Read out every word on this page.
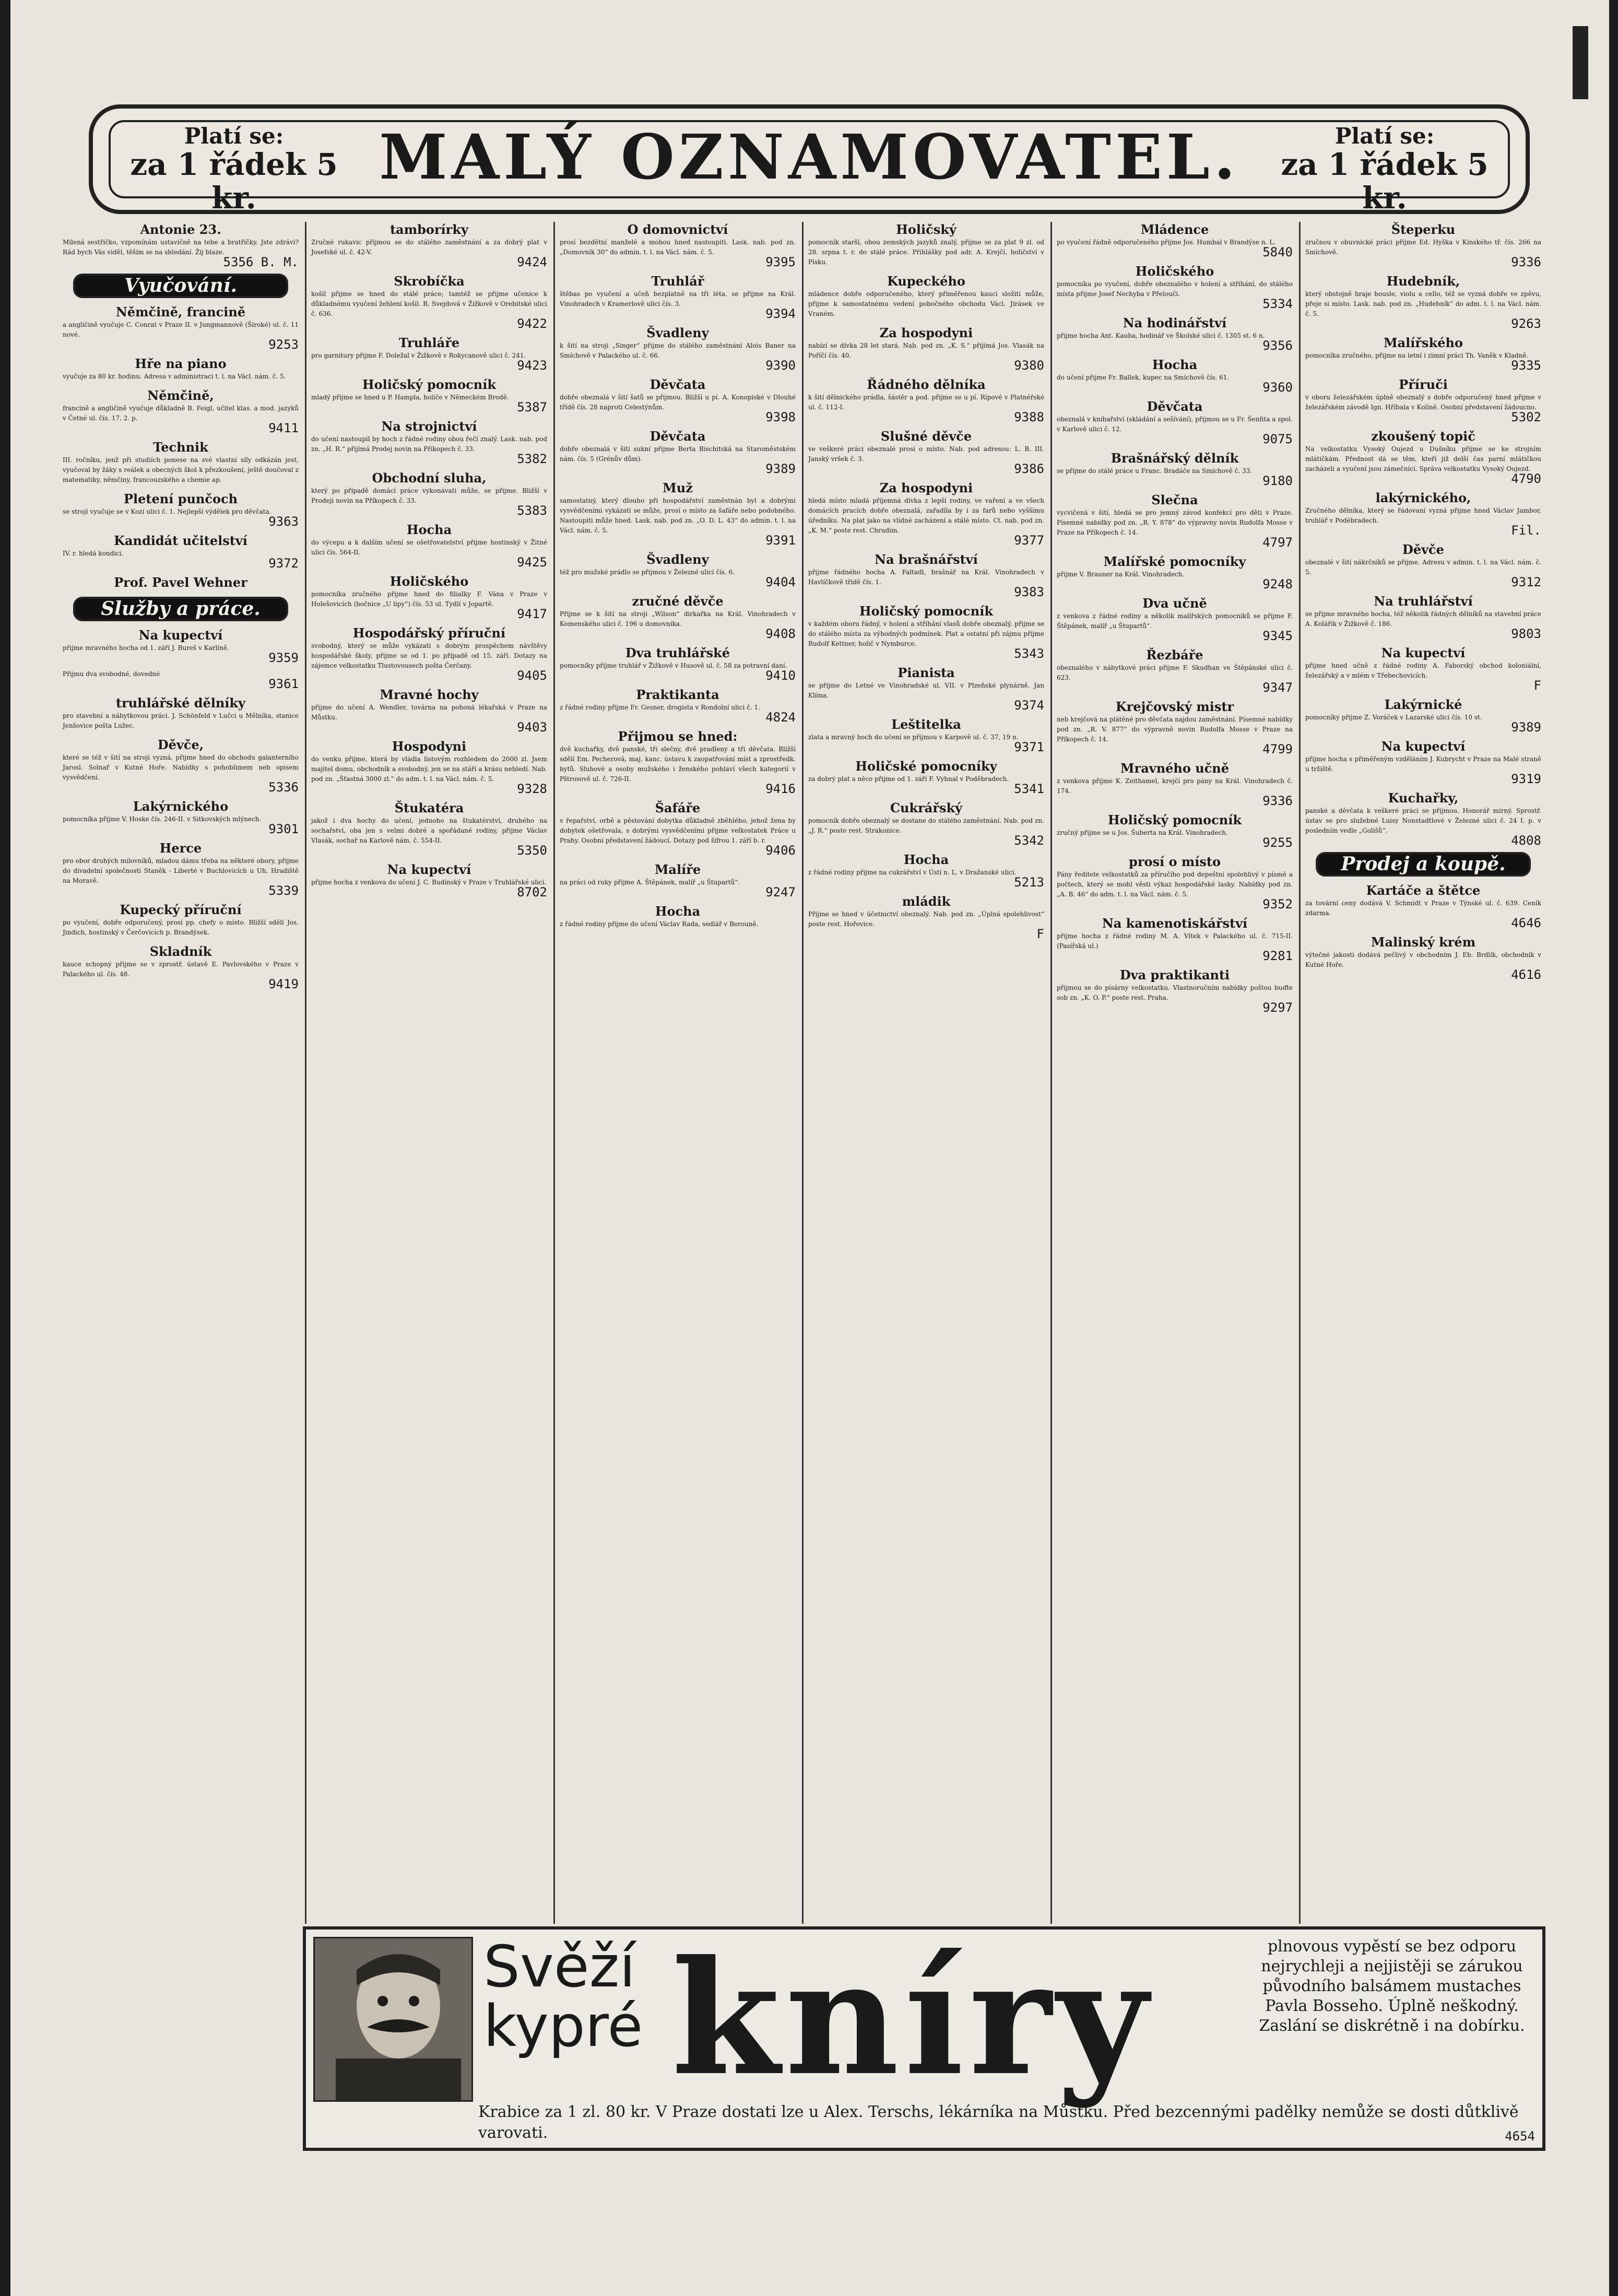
Platí se:
za 1 řádek 5 kr.
MALÝ OZNAMOVATEL.	Platí se:
za 1 řádek 5 kr.
Antonie 23.
Milená sestřičko, vzpomínám ustavičně na tebe a bratříčky. Jste zdrávi? Rád bych Vás viděl, těším se na shledání. Žij blaze.
5356 B. M.
Vyučování.
Němčině, francině
a angličině vyučuje C. Conrat v Praze II. v Jungmannově (Široké) ul. č. 11 nové.
9253
Hře na piano
vyučuje za 80 kr. hodinu. Adresa v administraci t. l. na Václ. nám. č. 5.
Němčině,
francině a angličině vyučuje důkladně B. Feigl, učitel klas. a mod. jazyků v Četné ul. čís. 17, 2. p.
9411
Technik
III. ročníku, jenž při studiích ponese na své vlastní síly odkázán jest, vyučoval by žáky s reálek a obecných škol k přezkoušení, ještě doučoval z matematiky, němčiny, francouzského a chemie ap.
Pletení punčoch
se strojí vyučuje se v Kozí ulici č. 1. Nejlepší výdělek pro děvčata.
9363
Kandidát učitelství
IV. r. hledá kondici.
9372
Prof. Pavel Wehner
Služby a práce.
Na kupectví
přijme mravného hocha od 1. září J. Bureš v Karlíně.
9359
Přijmu dva svobodné, dovedné
9361
truhlářské dělníky
pro stavební a nábytkovou práci. J. Schönfeld v Lučci u Mělníka, stanice Jenšovice pošta Lužec.
Děvče,
které se též v šití na stroji vyzná, přijme hned do obchodu galanterního Jarosl. Solnař v Kutné Hoře. Nabídky s pohoblimem neb opisem vysvědčení.
5336
Lakýrnického
pomocníka přijme V. Hoske čís. 246-II. v Sitkovských mlýnech.
9301
Herce
pro obor druhých milovníků, mladou dámu třeba na některé obory, přijme do divadelní společnosti Staněk - Liberté v Buchlovicích u Uh. Hradiště na Moravě.
5339
Kupecký příruční
po vyučení, dobře odporučený, prosí pp. chefy o místo. Bližší sdělí Jos. Jindich, hostinský v Čerčovicích p. Brandýsek.
Skladník
kauce schopný přijme se v zprostř. ústavě E. Pavlovského v Praze v Palackého ul. čís. 48.
9419
tamborírky
Zručné rukavic přijmou se do stálého zaměstnání a za dobrý plat v Josefské ul. č. 42-V.
9424
Skrobíčka
košil přijme se hned do stálé práce; tamtéž se přijme učenice k důkladnému vyučení žehlení košil. R. Svejdová v Žižkově v Orebitské ulici č. 636.
9422
Truhláře
pro garnitury přijme F. Doležal v Žižkově v Rokycanově ulici č. 241.
9423
Holičský pomocník
mladý přijme se hned u P. Hampla, holiče v Německém Brodě.
5387
Na strojnictví
do učení nastoupil by hoch z řádné rodiny obou řečí znalý. Lask. nab. pod zn. „H. R.“ přijímá Prodej novin na Příkopech č. 33.
5382
Obchodní sluha,
který po případě domácí práce vykonávati může, se přijme. Bližší v Prodeji novin na Příkopech č. 33.
5383
Hocha
do výcepu a k dalším učení se ošetřovatelství přijme hostinský v Žitné ulici čís. 564-II.
9425
Holičského
pomocníka zručného přijme hned do filialky F. Vána v Praze v Holešovicích (bočnice „U lipy“) čís. 53 ul. Tydlí v Jopartě.
9417
Hospodářský příruční
svobodný, který se může vykázati s dobrým prospěchem návštěvy hospodářské školy, přijme se od 1. po případě od 15. září. Dotazy na zájemce velkostatku Tlustovousech pošta Čerčany.
9405
Mravné hochy
přijme do učení A. Wendler, továrna na pohoná lékařská v Praze na Můstku.
9403
Hospodyni
do venku přijme, která by vládla listovým rozhledem do 2000 zl. Jsem majitel domu, obchodník a svobodný, jen se na stáří a krásu nehledí. Nab. pod zn. „Šťastná 3000 zl.“ do adm. t. l. na Václ. nám. č. 5.
9328
Štukatéra
jakož i dva hochy do učení, jednoho na štukatérství, druhého na sochařství, oba jen s velmi dobré a spořádané rodiny, přijme Václav Vlasák, sochař na Karlově nám. č. 554-II.
5350
Na kupectví
přijme hocha z venkova do učení J. C. Budínský v Praze v Truhlářské ulici.
8702
O domovnictví
prosí bezdětní manželé a mohou hned nastoupiti. Lask. nab. pod zn. „Domovník 30“ do admin. t. l. na Václ. nám. č. 5.
9395
Truhlář
štěbas po vyučení a učeň bezplatně na tři léta, se přijme na Král. Vinohradech v Kramerlově ulici čís. 3.
9394
Švadleny
k šití na stroji „Singer“ přijme do stálého zaměstnání Alois Baner na Smíchově v Palackého ul. č. 66.
9390
Děvčata
dobře obeznalá v šití šatů se přijmou. Bližší u pí. A. Konopiské v Dlouhé třídě čís. 28 naproti Celestýnům.
9398
Děvčata
dobře obeznalá v šití sukní přijme Berta Bischitská na Staroměstském nám. čís. 5 (Grénův dům).
9389
Muž
samostatný, který dlouho při hospodářství zaměstnán byl a dobrými vysvědčeními vykázati se může, prosí o místo za šafáře nebo podobného. Nastoupiti může hned. Lask. nab. pod zn. „O. D. L. 43“ do admin. t. l. na Václ. nám. č. 5.
9391
Švadleny
též pro mužské prádlo se přijmou v Železné ulici čís. 6.
9404
zručné děvče
Přijme se k šití na stroji „Wilson“ dirkařka na Král. Vinohradech v Komenského ulici č. 196 u domovníka.
9408
Dva truhlářské
pomocníky přijme truhlář v Žižkově v Husově ul. č. 58 za potravní daní.
9410
Praktikanta
z řádné rodiny přijme Fr. Gesner, drogista v Rondolní ulici č. 1.
4824
Přijmou se hned:
dvě kuchařky, dvě panské, tři slečny, dvě pradleny a tři děvčata. Bližší sdělí Em. Pecherová, maj. kanc. ústavu k zaopatřování míst a zprostředk. bytů. Sluhové a osoby mužského i ženského pohlaví všech kategorií v Pštrosově ul. č. 726-II.
9416
Šafáře
v řepařství, orbě a pěstování dobytka důkladně zběhlého, jehož žena by dobytek ošetřovala, s dobrými vysvědčeními přijme velkostatek Práce u Prahy. Osobní představení žádoucí. Dotazy pod šifrou 1. září b. r.
9406
Malíře
na práci od ruky přijme A. Štěpánek, malíř „u Štupartů“.
9247
Hocha
z řádné rodiny přijme do učení Václav Rada, sedlář v Berouně.
Holičský
pomocník starší, obou zemských jazyků znalý, přijme se za plat 9 zl. od 28. srpna t. r. do stálé práce. Přihlášky pod adr. A. Krejčí, holičství v Písku.
Kupeckého
mládence dobře odporučeného, který přiměřenou kauci složiti může, přijme k samostatnému vedení pobočného obchodu Václ. Jirásek ve Vraném.
Za hospodyni
nabízí se dívka 28 let stará. Nab. pod zn. „K. S.“ přijímá Jos. Vlasák na Poříčí čís. 40.
9380
Řádného dělníka
k šití dělnického prádla, šástěr a pod. přijme se u pí. Rípové v Platnéřské ul. č. 112-I.
9388
Slušné děvče
ve veškeré práci obeznalé prosí o místo. Nab. pod adresou: L. B. III. Janský vršek č. 3.
9386
Za hospodyni
hledá místo mladá příjemná dívka z lepší rodiny, ve vaření a ve všech domácích pracích dobře obeznalá, zařadíla by i za farů nebo vyššímu úředníku. Na plat jako na vlídné zacházení a stálé místo. Ct. nab. pod zn. „K. M.“ poste rest. Chrudim.
9377
Na brašnářství
přijme řádného hocha A. Faltadl, brašnář na Král. Vinohradech v Havlíčkově třídě čís. 1.
9383
Holičský pomocník
v každém oboru řádný, v holení a stříhání vlasů dobře obeznalý, přijme se do stálého místa za výhodných podmínek. Plat a ostatní při zájmu přijme Rudolf Kettner, holič v Nymburce.
5343
Pianista
se přijme do Letné ve Vinohradské ul. VII. v Plzeňské plynárně. Jan Klíma.
9374
Leštitelka
zlata a mravný hoch do učení se přijmou v Karpově ul. č. 37, 19 n.
9371
Holičské pomocníky
za dobrý plat a něco přijme od 1. září F. Vyhnal v Poděbradech.
5341
Cukrářský
pomocník dobře obeznalý se dostane do stálého zaměstnání. Nab. pod zn. „J. R.“ poste rest. Strakonice.
5342
Hocha
z řádné rodiny přijme na cukrářství v Ústí n. L. v Dražanské ulici.
5213
mládik
Přijme se hned v účetnictví obeznalý. Nab. pod zn. „Úplná spolehlivost“ poste rest. Hořovice.
F
Mládence
po vyučení řádně odporučeného přijme Jos. Humbal v Brandýse n. L.
5840
Holičského
pomocníka po vyučení, dobře obeznalého v holení a stříhání, do stálého místa přijme Josef Nechyba v Přelouči.
5334
Na hodinářství
přijme hocha Ant. Kauba, hodinář ve Školské ulici č. 1305 st. 6 n.
9356
Hocha
do učení přijme Fr. Ballek, kupec na Smíchově čís. 61.
9360
Děvčata
obeznalá v knihařství (skládání a sešívání), přijmou se u Fr. Šenfita a spol. v Karlově ulici č. 12.
9075
Brašnářský dělník
se přijme do stálé práce u Franc. Bradáče na Smíchově č. 33.
9180
Slečna
vycvičená v šití, hledá se pro jemný závod konfekcí pro děti v Praze. Písemné nabídky pod zn. „R. Y. 878“ do výpravny novin Rudolfa Mosse v Praze na Příkopech č. 14.
4797
Malířské pomocníky
přijme V. Brauner na Král. Vinohradech.
9248
Dva učně
z venkova z řádné rodiny a několik malířských pomocníků se přijme F. Štěpánek, malíř „u Štupartů“.
9345
Řezbáře
obeznalého v nábytkové práci přijme F. Skudhan ve Štěpánské ulici č. 623.
9347
Krejčovský mistr
neb krejčová na plátěné pro děvčata najdou zaměstnání. Písemné nabídky pod zn. „R. V. 877“ do výpravně novin Rudolfa Mosse v Praze na Příkopech č. 14.
4799
Mravného učně
z venkova přijme K. Zeithamel, krejčí pro pány na Král. Vinohradech č. 174.
9336
Holičský pomocník
zručný přijme se u Jos. Šuberta na Král. Vinohradech.
9255
prosí o místo
Pány ředitele velkostatků za příručího pod depeštní spolehlivý v písmě a počtech, který se mohl věsti výkaz hospodářské lasky. Nabídky pod zn. „A. B. 46“ do adm. t. l. na Václ. nám. č. 5.
9352
Na kamenotiskářství
přijme hocha z řádné rodiny M. A. Vítek v Palackého ul. č. 715-II. (Pasířská ul.)
9281
Dva praktikanti
přijmou se do písárny velkostatku. Vlastnoručním nabídky poštou buďte sob zn. „K. O. P.“ poste rest. Praha.
9297
Šteperku
zručnou v obuvnické práci přijme Ed. Hyška v Kinského tř. čís. 266 na Smíchově.
9336
Hudebník,
který obstojně hraje housle, violu a cello, též se vyzná dobře ve zpěvu, přeje si místo. Lask. nab. pod zn. „Hudebník“ do adm. t. l. na Václ. nám. č. 5.
9263
Malířského
pomocníka zručného, přijme na letní i zimní práci Th. Vaněk v Kladně.
9335
Příruči
v oboru železářském úplně obeznalý s dobře odporučený hned přijme v železářském závodě Ign. Hříbala v Kolíně. Osobní představení žádoucno.
5302
zkoušený topič
Na velkostatku Vysoký Oujezd u Dušníku přijme se ke strojním mlátičkám. Přednost dá se těm, kteří již delší čas parní mlátičkou zacházeli a vyučení jsou zámečníci. Správa velkostatku Vysoký Oujezd.
4790
lakýrnického,
Zručného dělníka, který se řádovaní vyzná přijme hned Václav Jambor, truhlář v Podébradech.
Fil.
Děvče
obeznalé v šití nákrčníků se přijme. Adresu v admin. t. l. na Václ. nám. č. 5.
9312
Na truhlářství
se přijme mravného hocha, též několik řádných dělníků na stavební práce A. Kolářík v Žižkově č. 186.
9803
Na kupectví
přijme hned učně z řádné rodiny A. Faborský obchod koloniální, železářský a v mlém v Třebechovicích.
F
Lakýrnické
pomocníky přijme Z. Voráček v Lazarské ulici čís. 10 st.
9389
Na kupectví
přijme hocha s přiměřeným vzděláním J. Kubrycht v Praze na Malé straně u tržiště.
9319
Kuchařky,
panské a děvčata k veškeré práci se přijmou. Honorář mírný. Sprostř. ústav se pro služebné Luisy Nonstadtlové v Železné ulici č. 24 I. p. v posledním vedle „Golišů“.
4808
Prodej a koupě.
Kartáče a štětce
za tovární ceny dodává V. Schmidt v Praze v Týnské ul. č. 639. Ceník zdarma.
4646
Malinský krém
výtečné jakosti dodává pečlivý v obchodním J. Eb. Brdlík, obchodník v Kutné Hoře.
4616
Svěží
kypré kníry	plnovous vypěstí se bez odporu nejrychleji a nejjistěji se zárukou původního balsámem mustaches Pavla Bosseho. Úplně neškodný. Zaslání se diskrétně i na dobírku.
Krabice za 1 zl. 80 kr. V Praze dostati lze u Alex. Terschs, lékárníka na Můstku. Před bezcennými padělky nemůže se dosti důtklivě varovati.	4654
